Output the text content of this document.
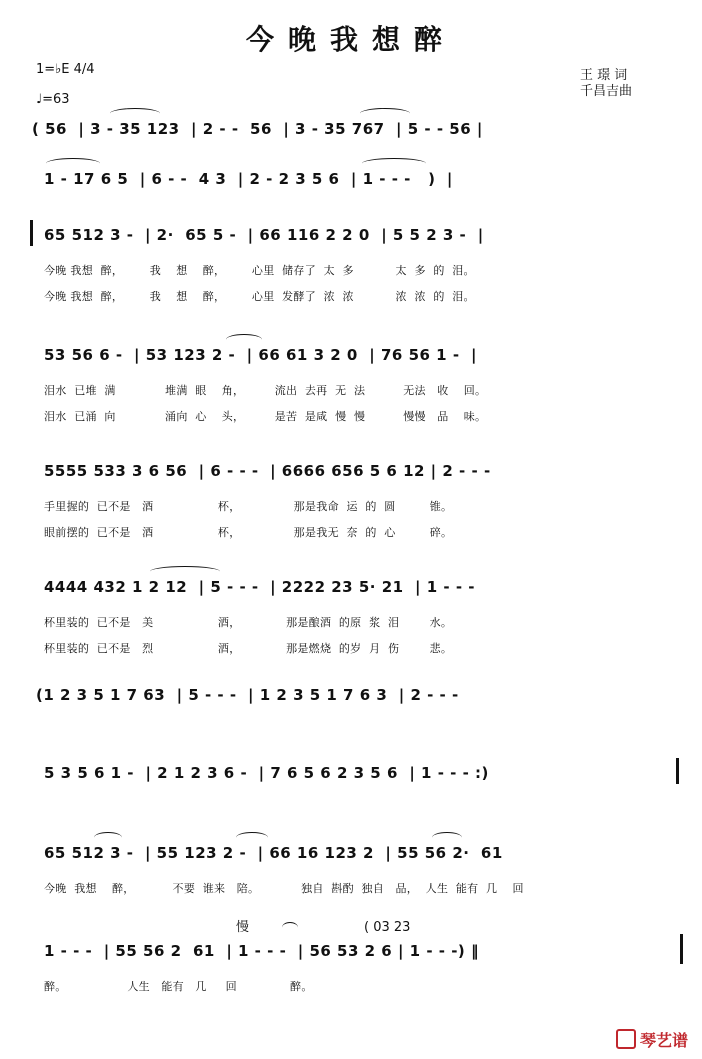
今晚我想醉
1=♭E 4/4
♩=63
王 璟 词
千昌吉曲
( 56  | 3 - 35 123  | 2 - -  56  | 3 - 35 767  | 5 - - 56 |
1 - 17 6 5  | 6 - -  4 3  | 2 - 2 3 5 6  | 1 - - -   )  |
65 512 3 -  | 2·  65 5 -  | 66 116 2 2 0  | 5 5 2 3 -  |
今晚 我想  醉，       我    想    醉，       心里  储存了  太  多           太  多  的  泪。
今晚 我想  醉，       我    想    醉，       心里  发酵了  浓  浓           浓  浓  的  泪。
53 56 6 -  | 53 123 2 -  | 66 61 3 2 0  | 76 56 1 -  |
泪水  已堆  满             堆满  眼    角，        流出  去再  无  法          无法   收    回。
泪水  已涌  向             涌向  心    头，        是苦  是咸  慢  慢          慢慢   品    味。
5555 533 3 6 56  | 6 - - -  | 6666 656 5 6 12 | 2 - - -
手里握的  已不是   酒                 杯，              那是我命  运  的  圆         锥。
眼前摆的  已不是   酒                 杯，              那是我无  奈  的  心         碎。
4444 432 1 2 12  | 5 - - -  | 2222 23 5· 21  | 1 - - -
杯里装的  已不是   美                 酒，            那是酿酒  的原  浆  泪        水。
杯里装的  已不是   烈                 酒，            那是燃烧  的岁  月  伤        悲。
(1 2 3 5 1 7 63  | 5 - - -  | 1 2 3 5 1 7 6 3  | 2 - - -
5 3 5 6 1 -  | 2 1 2 3 6 -  | 7 6 5 6 2 3 5 6  | 1 - - - :)
65 512 3 -  | 55 123 2 -  | 66 16 123 2  | 55 56 2·  61
今晚  我想    醉，          不要  谁来   陪。           独自  斟酌  独自   品，  人生  能有  几    回
慢	( 03 23
1 - - -  | 55 56 2  61  | 1 - - -  | 56 53 2 6 | 1 - - -) ‖
醉。                人生   能有   几     回              醉。
琴艺谱
